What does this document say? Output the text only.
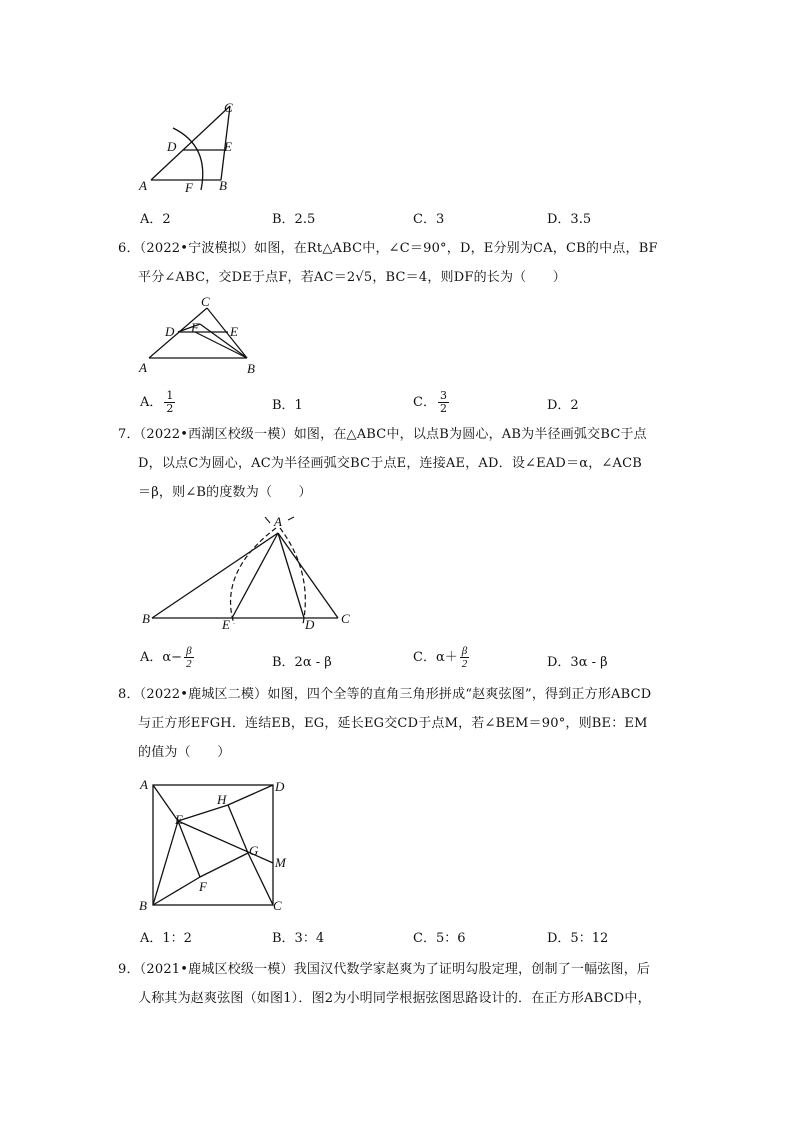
C
D	E
A	F B
A．2	B．2.5	C．3	D．3.5
6．（2022•宁波模拟）如图，在Rt△ABC中，∠C＝90°，D，E分别为CA，CB的中点，BF
平分∠ABC，交DE于点F，若AC＝2√5，BC＝4，则DF的长为（　　）
C
D F E
A	B
A． $\frac{1}{2}$	B．1	C． $\frac{3}{2}$	D．2
7．（2022•西湖区校级一模）如图，在△ABC中，以点B为圆心，AB为半径画弧交BC于点
D，以点C为圆心，AC为半径画弧交BC于点E，连接AE，AD．设∠EAD＝α，∠ACB
＝β，则∠B的度数为（　　）
A
B	E	D C
A．$\alpha- \frac{\beta}{2}$	B．2α - β	C．$\alpha+ \frac{\beta}{2}$	D．3α - β
8．（2022•鹿城区二模）如图，四个全等的直角三角形拼成“赵爽弦图”，得到正方形ABCD
与正方形EFGH．连结EB，EG，延长EG交CD于点M，若∠BEM＝90°，则BE：EM
的值为（　　）
A	D
H
E
G
M
F
B	C
A．1：2	B．3：4	C．5：6	D．5：12
9．（2021•鹿城区校级一模）我国汉代数学家赵爽为了证明勾股定理，创制了一幅弦图，后
人称其为赵爽弦图（如图1）．图2为小明同学根据弦图思路设计的．在正方形ABCD中，
